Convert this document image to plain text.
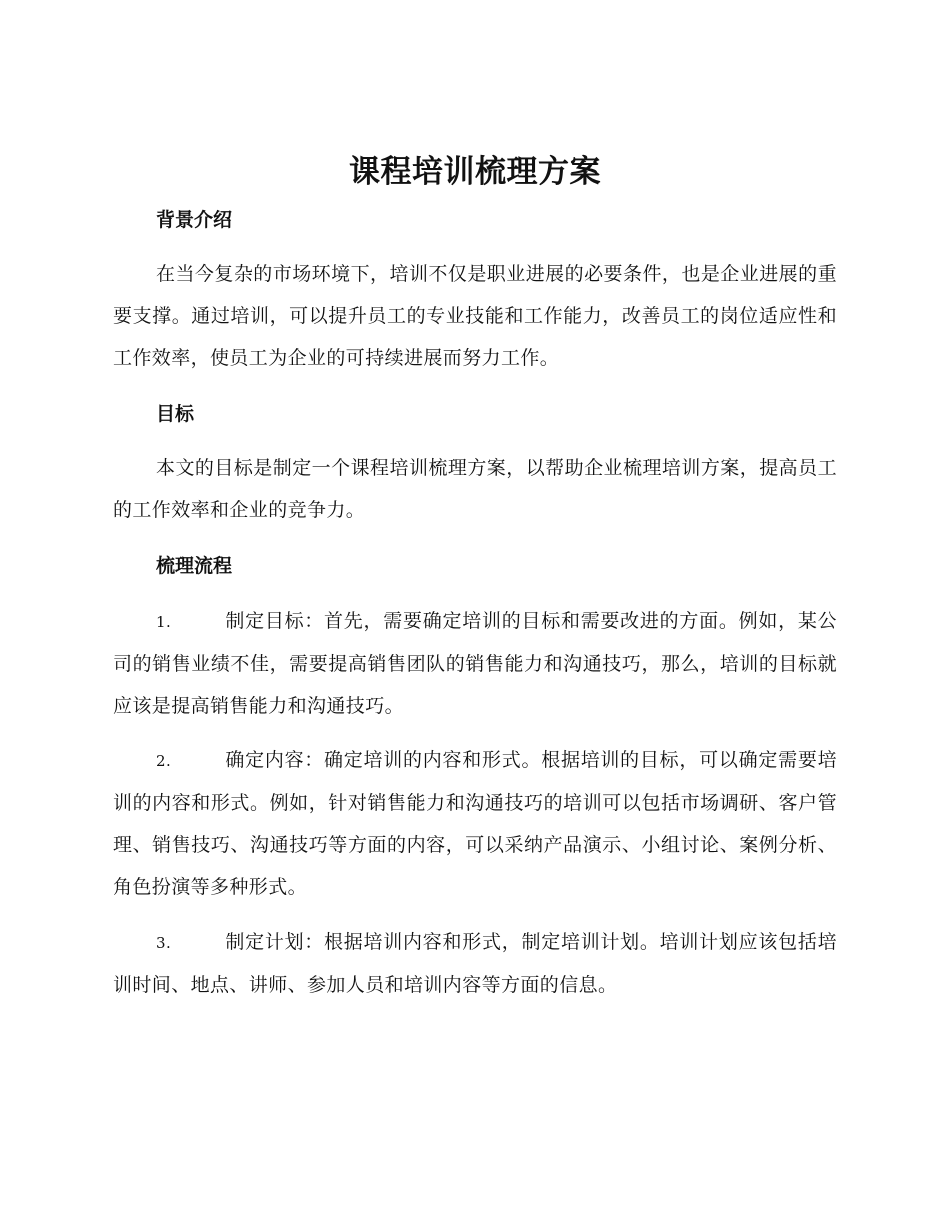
课程培训梳理方案
背景介绍

在当今复杂的市场环境下，培训不仅是职业进展的必要条件，也是企业进展的重要支撑。通过培训，可以提升员工的专业技能和工作能力，改善员工的岗位适应性和工作效率，使员工为企业的可持续进展而努力工作。

目标

本文的目标是制定一个课程培训梳理方案，以帮助企业梳理培训方案，提高员工的工作效率和企业的竞争力。

梳理流程

1.	制定目标：首先，需要确定培训的目标和需要改进的方面。例如，某公司的销售业绩不佳，需要提高销售团队的销售能力和沟通技巧，那么，培训的目标就应该是提高销售能力和沟通技巧。

2.	确定内容：确定培训的内容和形式。根据培训的目标，可以确定需要培训的内容和形式。例如，针对销售能力和沟通技巧的培训可以包括市场调研、客户管理、销售技巧、沟通技巧等方面的内容，可以采纳产品演示、小组讨论、案例分析、角色扮演等多种形式。

3.	制定计划：根据培训内容和形式，制定培训计划。培训计划应该包括培训时间、地点、讲师、参加人员和培训内容等方面的信息。
